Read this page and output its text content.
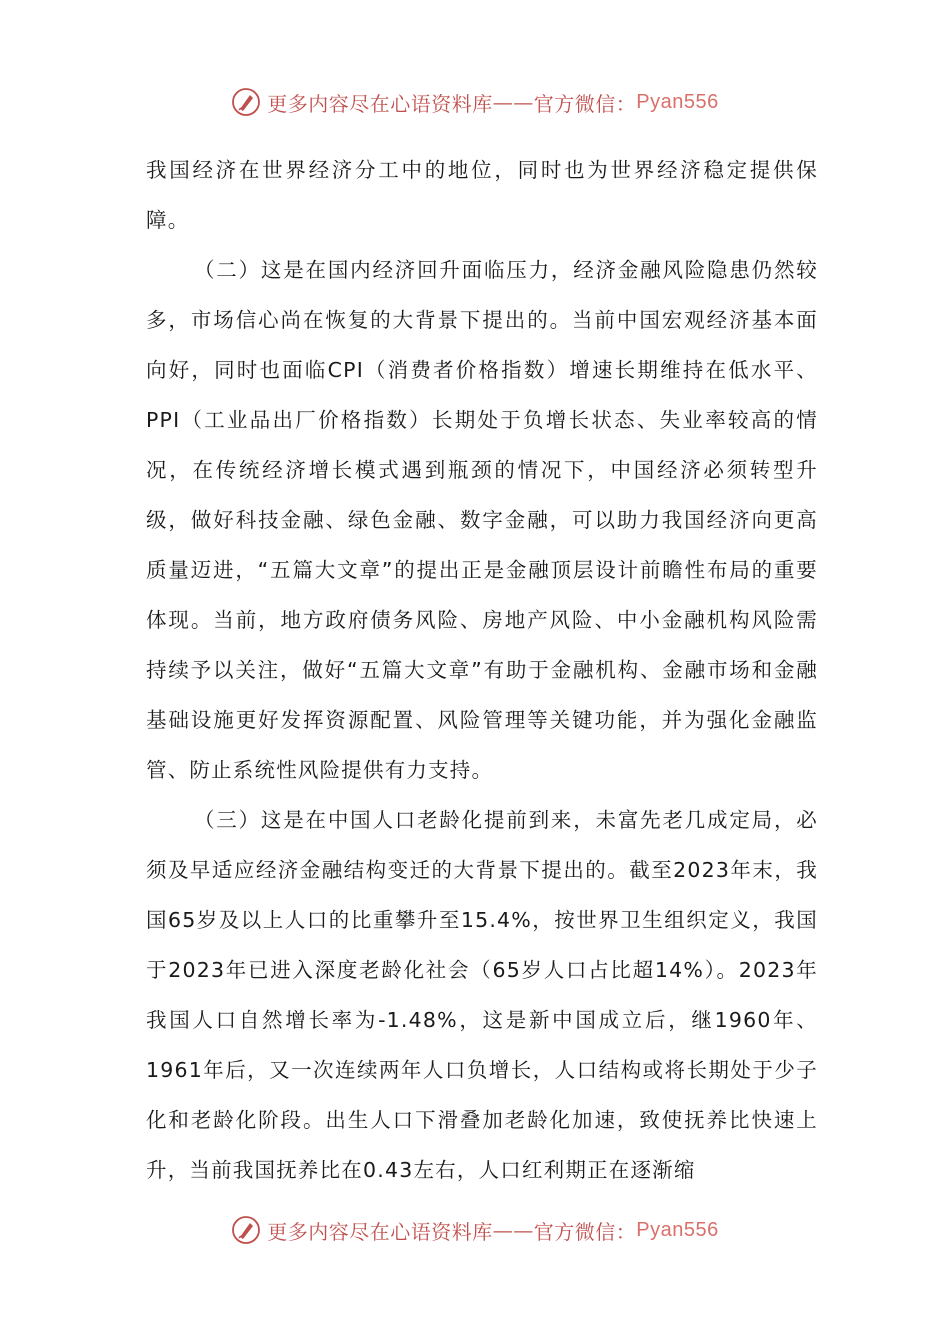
更多内容尽在心语资料库 —— 官方微信： Pyan556

我国经济在世界经济分工中的地位，同时也为世界经济稳定提供保障。

（二）这是在国内经济回升面临压力，经济金融风险隐患仍然较多，市场信心尚在恢复的大背景下提出的。当前中国宏观经济基本面向好，同时也面临CPI（消费者价格指数）增速长期维持在低水平、PPI（工业品出厂价格指数）长期处于负增长状态、失业率较高的情况，在传统经济增长模式遇到瓶颈的情况下，中国经济必须转型升级，做好科技金融、绿色金融、数字金融，可以助力我国经济向更高质量迈进，“五篇大文章”的提出正是金融顶层设计前瞻性布局的重要体现。当前，地方政府债务风险、房地产风险、中小金融机构风险需持续予以关注，做好“五篇大文章”有助于金融机构、金融市场和金融基础设施更好发挥资源配置、风险管理等关键功能，并为强化金融监管、防止系统性风险提供有力支持。

（三）这是在中国人口老龄化提前到来，未富先老几成定局，必须及早适应经济金融结构变迁的大背景下提出的。截至2023年末，我国65岁及以上人口的比重攀升至15.4%，按世界卫生组织定义，我国于2023年已进入深度老龄化社会（65岁人口占比超14%）。2023年我国人口自然增长率为-1.48%，这是新中国成立后，继1960年、1961年后，又一次连续两年人口负增长，人口结构或将长期处于少子化和老龄化阶段。出生人口下滑叠加老龄化加速，致使抚养比快速上升，当前我国抚养比在0.43左右，人口红利期正在逐渐缩

更多内容尽在心语资料库 —— 官方微信： Pyan556
